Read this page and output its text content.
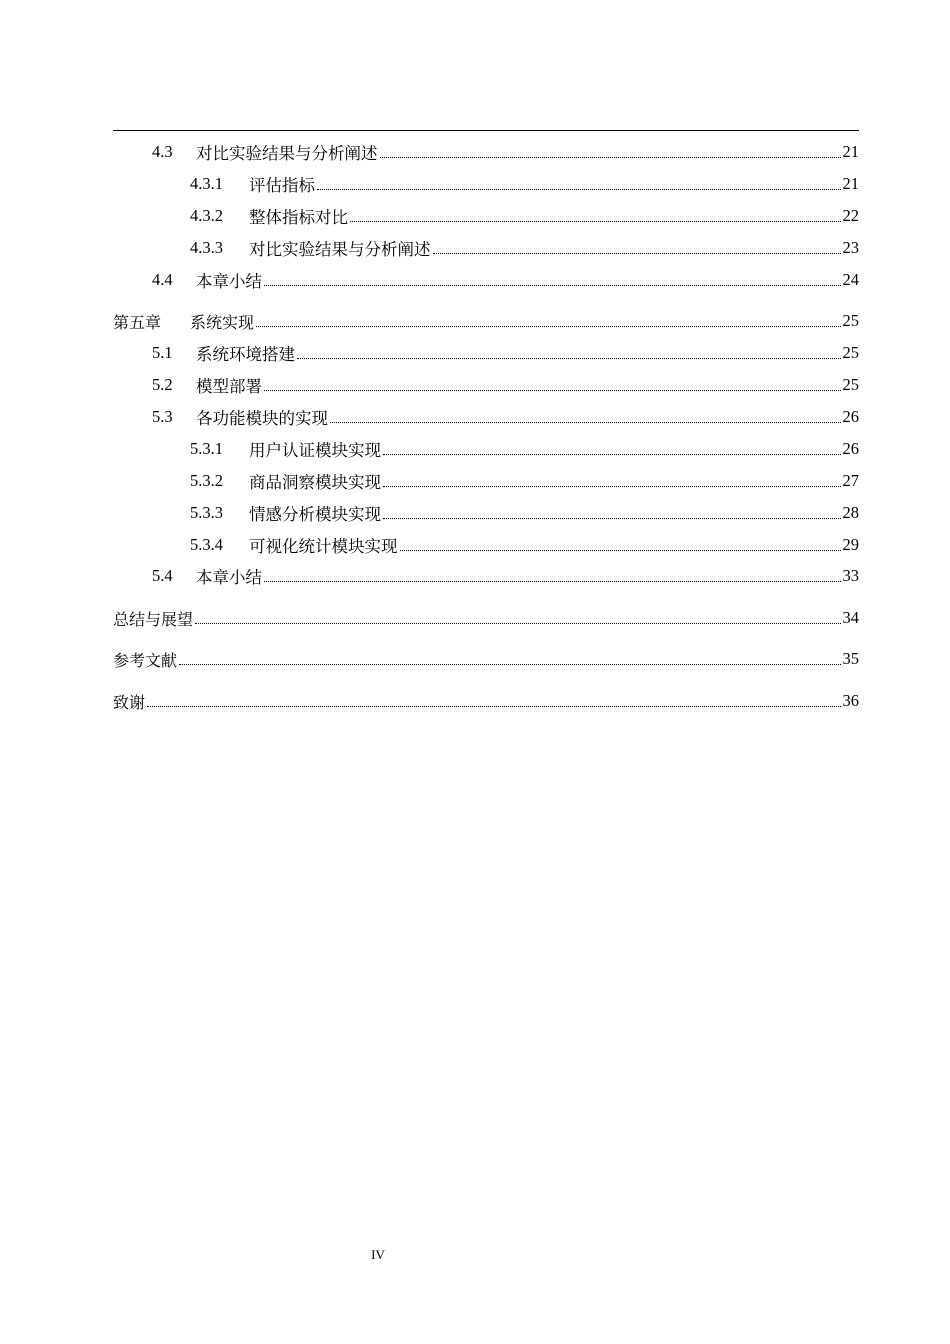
4.3	对比实验结果与分析阐述	21
4.3.1	评估指标	21
4.3.2	整体指标对比	22
4.3.3	对比实验结果与分析阐述	23
4.4	本章小结	24
第五章	系统实现	25
5.1	系统环境搭建	25
5.2	模型部署	25
5.3	各功能模块的实现	26
5.3.1	用户认证模块实现	26
5.3.2	商品洞察模块实现	27
5.3.3	情感分析模块实现	28
5.3.4	可视化统计模块实现	29
5.4	本章小结	33
总结与展望	34
参考文献	35
致谢	36
IV
